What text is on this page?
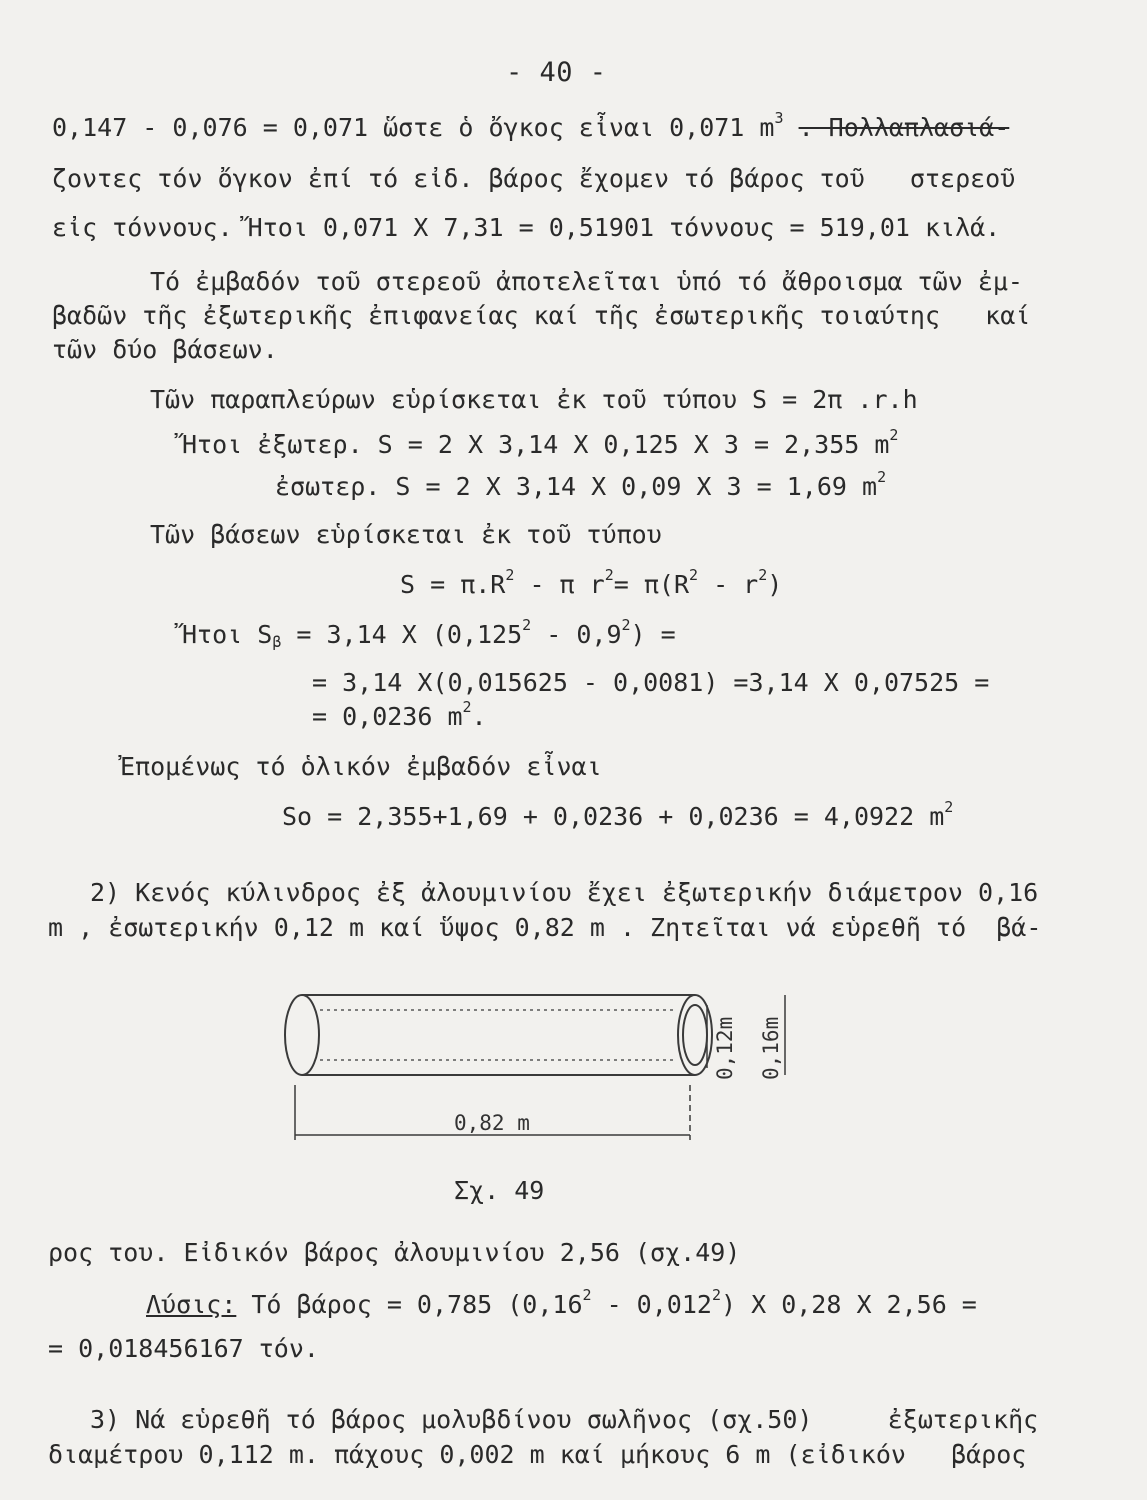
- 40 -
0,147 - 0,076 = 0,071 ὥστε ὁ ὄγκος εἶναι 0,071 $m^3$ . Πολλαπλασιά-
ζοντες τόν ὄγκον ἐπί τό εἰδ. βάρος ἔχομεν τό βάρος τοῦ   στερεοῦ
εἰς τόννους. Ἤτοι 0,071 X 7,31 = 0,51901 τόννους = 519,01 κιλά.
Τό ἐμβαδόν τοῦ στερεοῦ ἀποτελεῖται ὑπό τό ἄθροισμα τῶν ἐμ-
βαδῶν τῆς ἐξωτερικῆς ἐπιφανείας καί τῆς ἐσωτερικῆς τοιαύτης   καί
τῶν δύο βάσεων.
Τῶν παραπλεύρων εὑρίσκεται ἐκ τοῦ τύπου S = 2π .r.h
Ἤτοι ἐξωτερ. S = 2 X 3,14 X 0,125 X 3 = 2,355 $m^2$
ἐσωτερ. S = 2 X 3,14 X 0,09 X 3 = 1,69 $m^2$
Τῶν βάσεων εὑρίσκεται ἐκ τοῦ τύπου
$S = \pi.R^2 - \pi$ $r^2= \pi(R^2 - r^2)$
Ἤτοι $S_\beta = 3,14$ X $(0,125^2 - 0,9^2)$ =
= 3,14 X(0,015625 - 0,0081) =3,14 X 0,07525 =
= 0,0236 $m^2$.
Ἐπομένως τό ὁλικόν ἐμβαδόν εἶναι
So = 2,355+1,69 + 0,0236 + 0,0236 = 4,0922 $m^2$
2) Κενός κύλινδρος ἐξ ἀλουμινίου ἔχει ἐξωτερικήν διάμετρον 0,16
m , ἐσωτερικήν 0,12 m καί ὕψος 0,82 m . Ζητεῖται νά εὑρεθῆ τό  βά-
0,82 m
0,12m 0,16m
Σχ. 49
ρος του. Εἰδικόν βάρος ἀλουμινίου 2,56 (σχ.49)
Λύσις: Τό βάρος = 0,785 (0,16$^2$ - 0,012$^2$) X 0,28 X 2,56 =
= 0,018456167 τόν.
3) Νά εὑρεθῆ τό βάρος μολυβδίνου σωλῆνος (σχ.50)     ἐξωτερικῆς
διαμέτρου 0,112 m. πάχους 0,002 m καί μήκους 6 m (εἰδικόν   βάρος
